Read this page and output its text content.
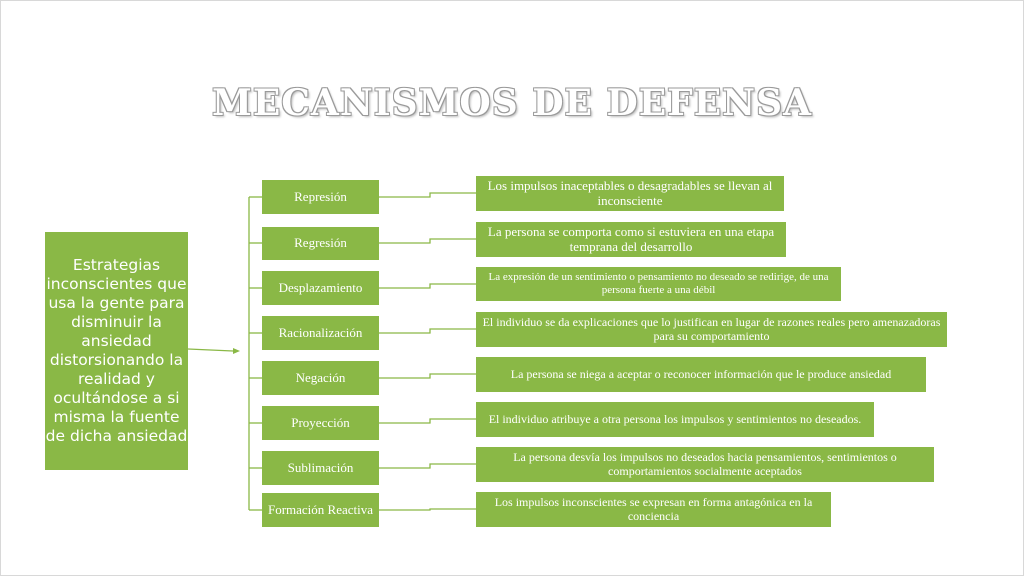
MECANISMOS DE DEFENSA
Estrategias inconscientes que usa la gente para disminuir la ansiedad distorsionando la realidad y ocultándose a si misma la fuente de dicha ansiedad
Represión
Regresión
Desplazamiento
Racionalización
Negación
Proyección
Sublimación
Formación Reactiva
Los impulsos inaceptables o desagradables se llevan al inconsciente
La persona se comporta como si estuviera en una etapa temprana del desarrollo
La expresión de un sentimiento o pensamiento no deseado se redirige, de una persona fuerte a una débil
El individuo se da explicaciones que lo justifican en lugar de razones reales pero amenazadoras para su comportamiento
La persona se niega a aceptar o reconocer información que le produce ansiedad
El individuo atribuye a otra persona los impulsos y sentimientos no deseados.
La persona desvía los impulsos no deseados hacia pensamientos, sentimientos o comportamientos socialmente aceptados
Los impulsos inconscientes se expresan en forma antagónica en la conciencia
